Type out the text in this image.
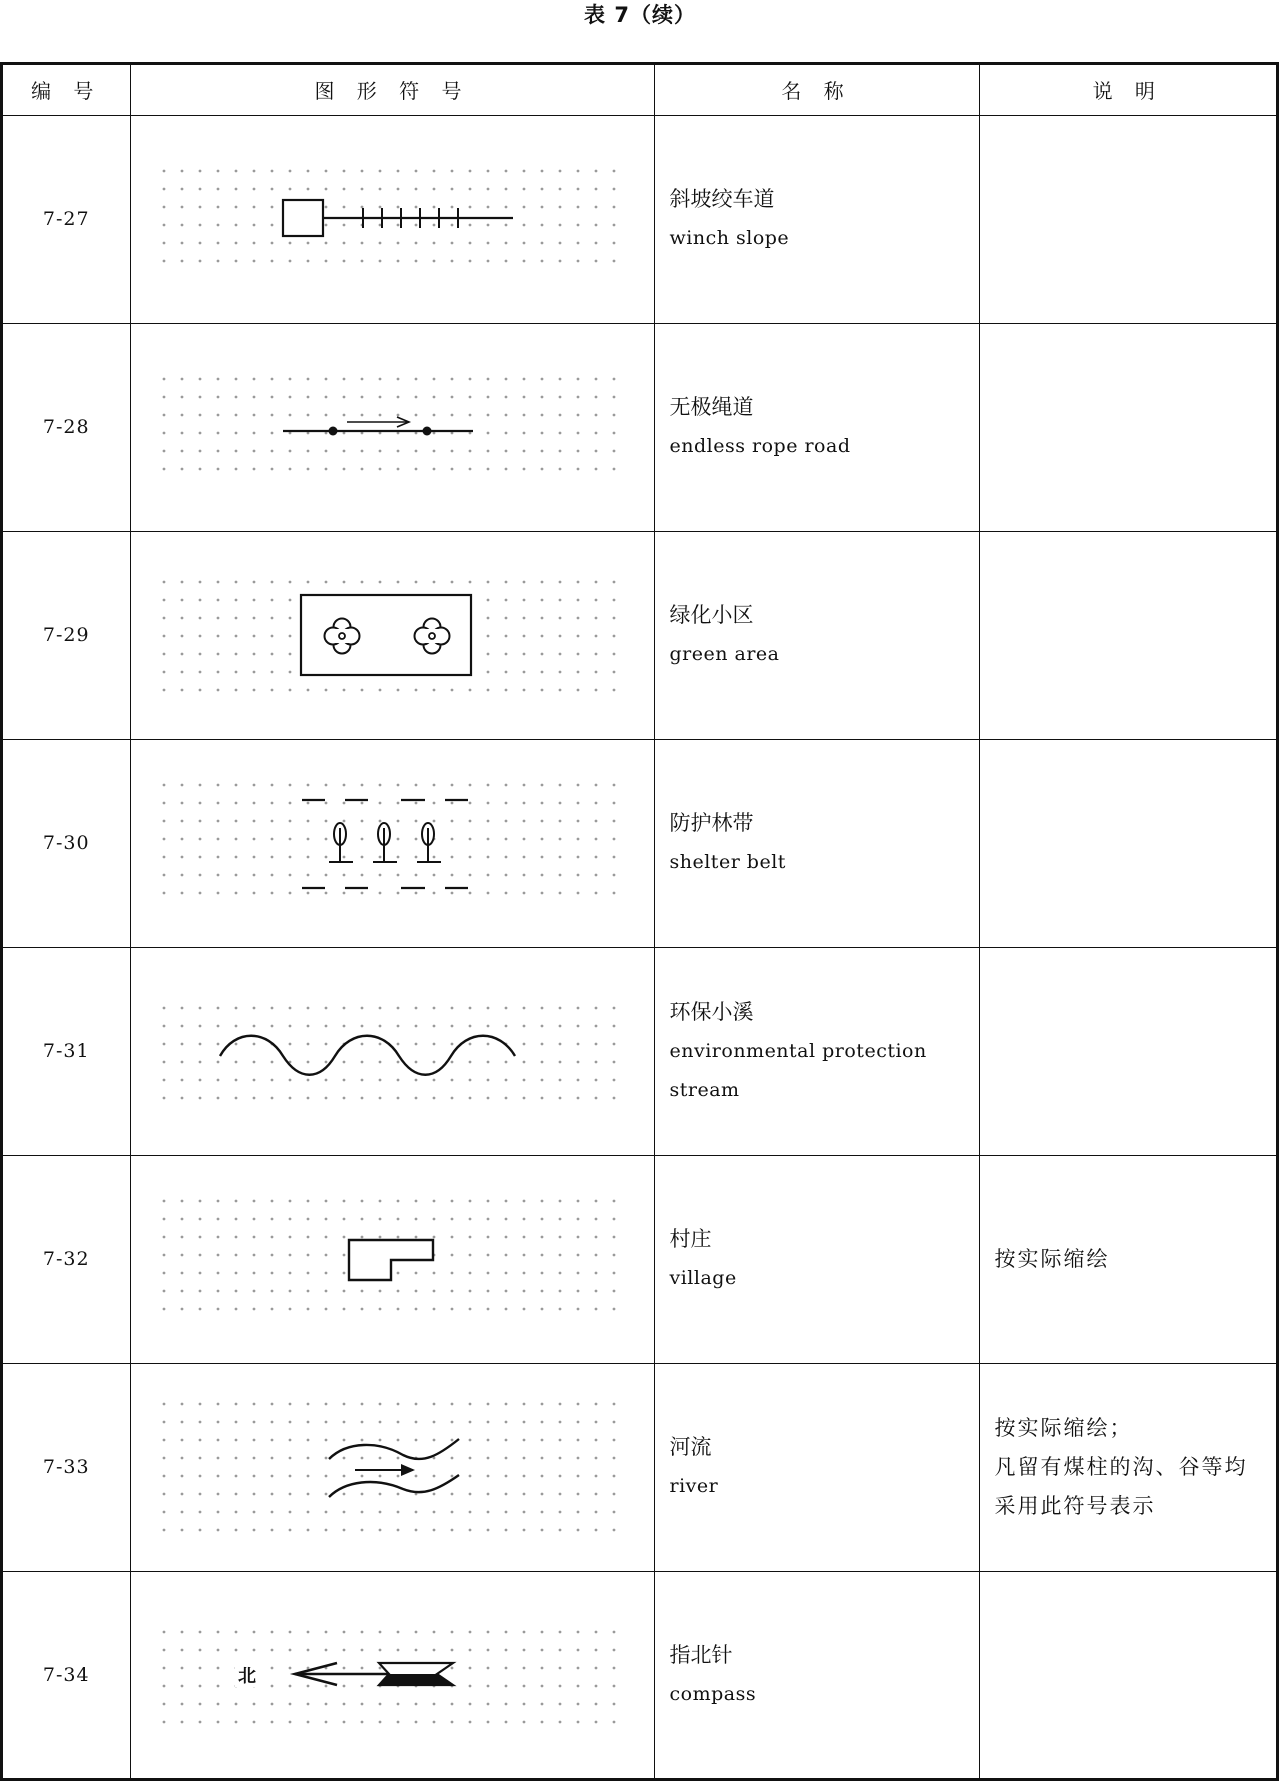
表 7（续）
编 号	图 形 符 号	名 称	说 明
7-27		斜坡绞车道
winch slope	

7-28		无极绳道
endless rope road	

7-29		绿化小区
green area	

7-30		防护林带
shelter belt	

7-31		环保小溪
environmental protection
stream	

7-32		村庄
village	按实际缩绘

7-33		河流
river	按实际缩绘；
凡留有煤柱的沟、谷等均
采用此符号表示

7-34	北	指北针
compass	
